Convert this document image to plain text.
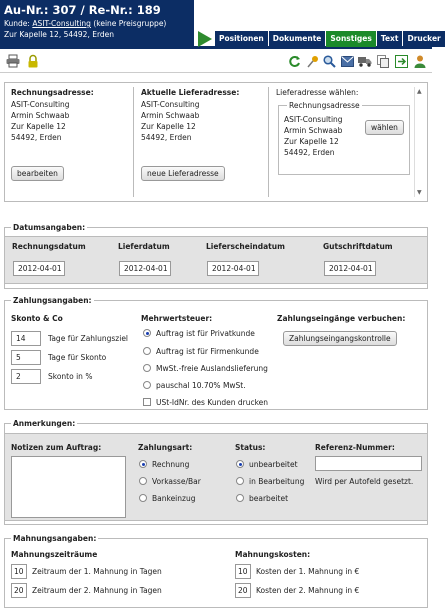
Au-Nr.: 307 / Re-Nr.: 189
Kunde: ASIT-Consulting (keine Preisgruppe)
Zur Kapelle 12, 54492, Erden	Positionen	Dokumente	Sonstiges	Text	Drucker
Rechnungsadresse:
ASIT-Consulting
Armin Schwaab
Zur Kapelle 12
54492, Erden
bearbeiten
Aktuelle Lieferadresse:
ASIT-Consulting
Armin Schwaab
Zur Kapelle 12
54492, Erden
neue Lieferadresse
Lieferadresse wählen:
Rechnungsadresse
ASIT-Consulting
Armin Schwaab
Zur Kapelle 12
54492, Erden
wählen
▲
▼
Datumsangaben:
Rechnungsdatum	Lieferdatum	Lieferscheindatum	Gutschriftdatum
2012-04-01	2012-04-01	2012-04-01	2012-04-01
Zahlungsangaben:
Skonto & Co
14	Tage für Zahlungsziel
5	Tage für Skonto
2	Skonto in %
Mehrwertsteuer:
Auftrag ist für Privatkunde
Auftrag ist für Firmenkunde
MwSt.-freie Auslandslieferung
pauschal 10.70% MwSt.
USt-IdNr. des Kunden drucken
Zahlungseingänge verbuchen:
Zahlungseingangskontrolle
Anmerkungen:
Notizen zum Auftrag:	Zahlungsart:
Rechnung
Vorkasse/Bar
Bankeinzug
Status:
unbearbeitet
in Bearbeitung
bearbeitet
Referenz-Nummer:
Wird per Autofeld gesetzt.
Mahnungsangaben:
Mahnungszeiträume
10	Zeitraum der 1. Mahnung in Tagen
20	Zeitraum der 2. Mahnung in Tagen
Mahnungskosten:
10	Kosten der 1. Mahnung in €
20	Kosten der 2. Mahnung in €
